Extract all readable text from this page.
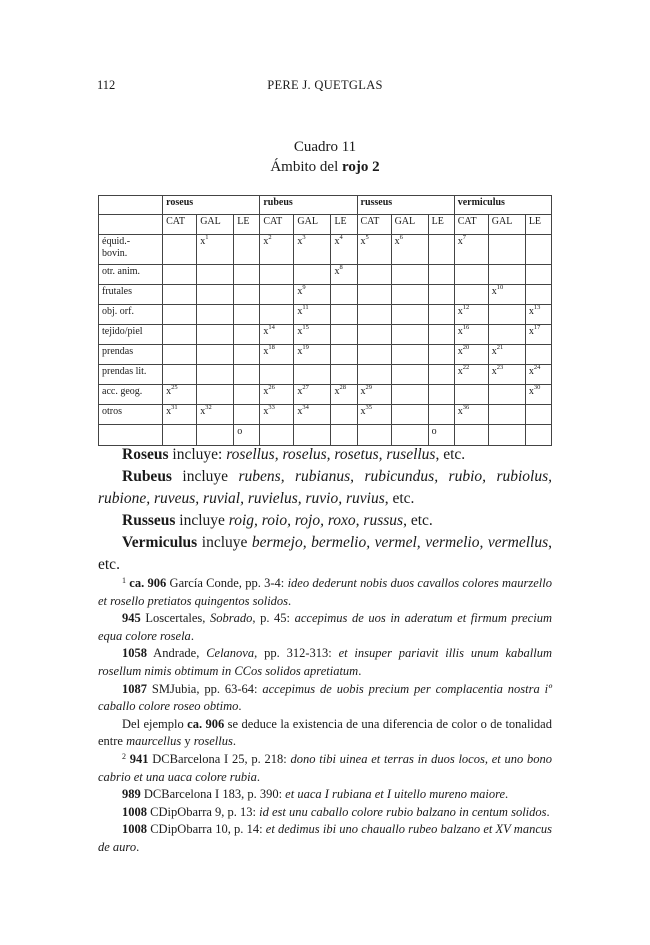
112	PERE J. QUETGLAS
Cuadro 11
Ámbito del rojo 2
	roseus			rubeus			russeus			vermiculus		
	CAT	GAL	LE	CAT	GAL	LE	CAT	GAL	LE	CAT	GAL	LE
équid.-
bovin.		$x^1$		$x^2$	$x^3$	$x^4$	$x^5$	$x^6$		$x^7$		
otr. anim.						$x^8$						
frutales					$x^9$						$x^{10}$	
obj. orf.					$x^{11}$					$x^{12}$		$x^{13}$
tejido/piel				$x^{14}$	$x^{15}$					$x^{16}$		$x^{17}$
prendas				$x^{18}$	$x^{19}$					$x^{20}$	$x^{21}$	
prendas lit.										$x^{22}$	$x^{23}$	$x^{24}$
acc. geog.	$x^{25}$			$x^{26}$	$x^{27}$	$x^{28}$	$x^{29}$					$x^{30}$
otros	$x^{31}$	$x^{32}$		$x^{33}$	$x^{34}$		$x^{35}$			$x^{36}$		
			o						o			

Roseus incluye: rosellus, roselus, rosetus, rusellus, etc.

Rubeus incluye rubens, rubianus, rubicundus, rubio, rubiolus, rubione, ruveus, ruvial, ruvielus, ruvio, ruvius, etc.

Russeus incluye roig, roio, rojo, roxo, russus, etc.

Vermiculus incluye bermejo, bermelio, vermel, vermelio, vermellus, etc.

$^1$ ca. 906 García Conde, pp. 3-4: ideo dederunt nobis duos cavallos colores maurzello et rosello pretiatos quingentos solidos.

945 Loscertales, Sobrado, p. 45: accepimus de uos in aderatum et firmum precium equa colore rosela.

1058 Andrade, Celanova, pp. 312-313: et insuper pariavit illis unum kaballum rosellum nimis obtimum in CCos solidos apretiatum.

1087 SMJubia, pp. 63-64: accepimus de uobis precium per complacentia nostra iº caballo colore roseo obtimo.

Del ejemplo ca. 906 se deduce la existencia de una diferencia de color o de tonalidad entre maurcellus y rosellus.

$^2$ 941 DCBarcelona I 25, p. 218: dono tibi uinea et terras in duos locos, et uno bono cabrio et una uaca colore rubia.

989 DCBarcelona I 183, p. 390: et uaca I rubiana et I uitello mureno maiore.

1008 CDipObarra 9, p. 13: id est unu caballo colore rubio balzano in centum solidos.

1008 CDipObarra 10, p. 14: et dedimus ibi uno chauallo rubeo balzano et XV mancus de auro.
